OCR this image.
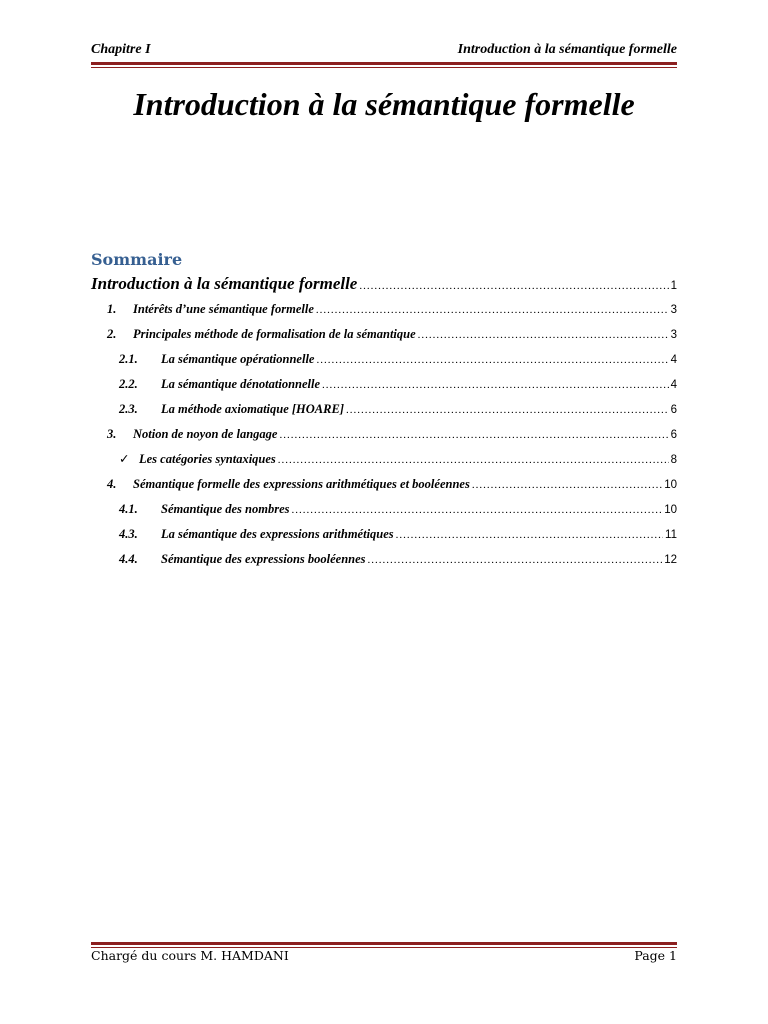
Chapitre I	Introduction à la sémantique formelle
Introduction à la sémantique formelle
Sommaire
Introduction à la sémantique formelle .....	1
1.	Intérêts d’une sémantique formelle .....	3
2.	Principales méthode de formalisation de la sémantique .....	3
2.1.	La sémantique opérationnelle .....	4
2.2.	La sémantique dénotationnelle .....	4
2.3.	La méthode axiomatique [HOARE] .....	6
3.	Notion de noyon de langage .....	6
✓ Les catégories syntaxiques .....	8
4.	Sémantique formelle des expressions arithmétiques et booléennes .....	10
4.1.	Sémantique des nombres .....	10
4.3.	La sémantique des expressions arithmétiques .....	11
4.4.	Sémantique des expressions booléennes .....	12
Chargé du cours M. HAMDANI	Page 1
